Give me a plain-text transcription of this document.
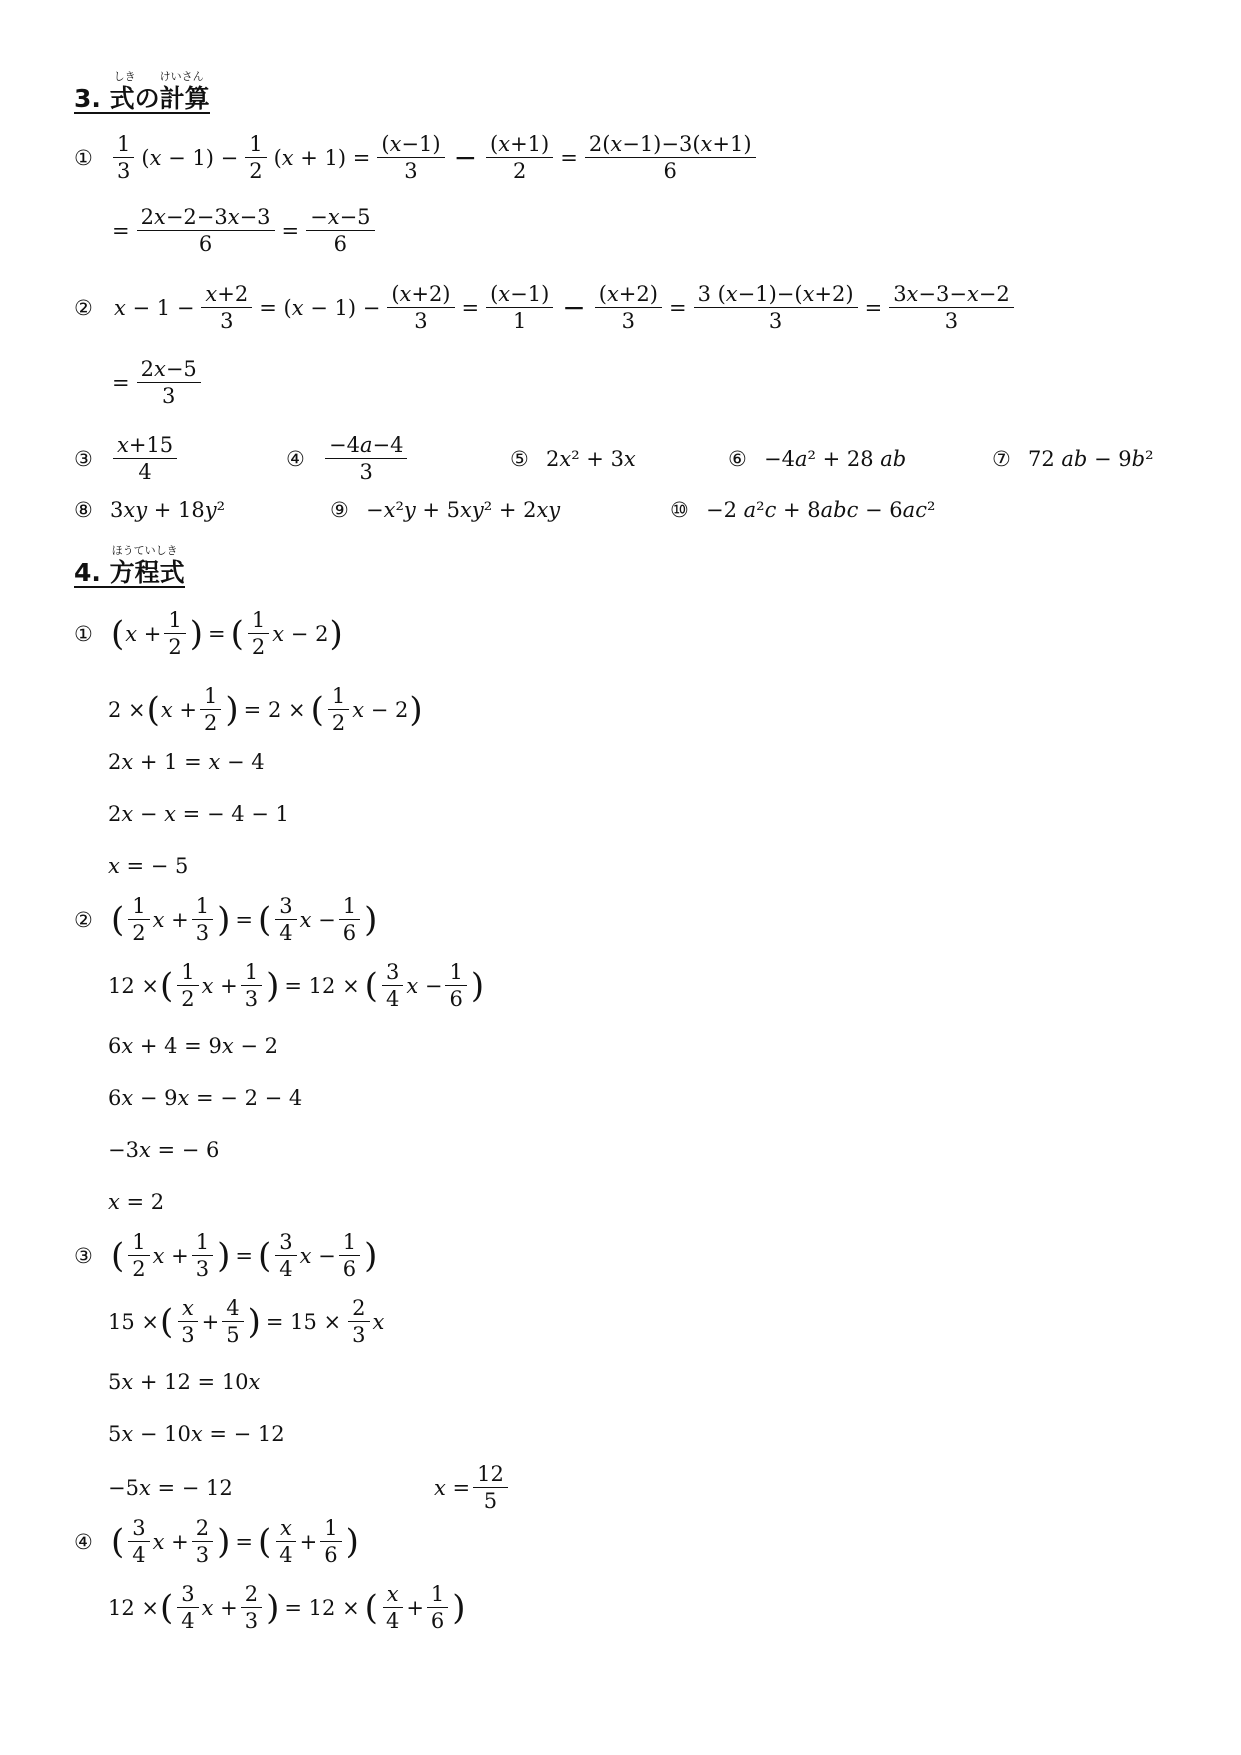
3.
しき けいさん
式の計算
① $\frac{1}{3}$ (𝑥 − $1) - \frac{1}{2}$ (𝑥 + $1) = \frac{\text{(𝑥−1)}}{3} - \frac{\text{(𝑥+1)}}{2} = \frac{\text{2(𝑥−1)−3(𝑥+1)}}{6}$
= $\frac{\text{2𝑥−2−3𝑥−3}}{6} = \frac{\text{−𝑥−5}}{6}$
② 𝑥 − $1 - \frac{\text{𝑥+2}}{3}$ = (𝑥 − $1) - \frac{\text{(𝑥+2)}}{3} = \frac{\text{(𝑥−1)}}{1} - \frac{\text{(𝑥+2)}}{3} = \frac{\text{3 (𝑥−1)−(𝑥+2)}}{3} = \frac{\text{3𝑥−3−𝑥−2}}{3}$
= $\frac{\text{2𝑥−5}}{3}$
③ $\frac{\text{𝑥+15}}{4}$	④ $\frac{\text{−4𝑎−4}}{3}$	⑤ 2𝑥² + 3𝑥	⑥ −4𝑎² + 28 𝑎𝑏	⑦ 72 𝑎𝑏 − 9𝑏²
⑧ 3𝑥𝑦 + 18𝑦²	⑨ −𝑥²𝑦 + 5𝑥𝑦² + 2𝑥𝑦	⑩ −2 𝑎²𝑐 + 8𝑎𝑏𝑐 − 6𝑎𝑐²
4.
ほうていしき
方程式
① ( 𝑥 + $\frac{1}{2}$ ) = ( $\frac{1}{2}$ 𝑥 − 2 )
2 × ( 𝑥 + $\frac{1}{2}$ ) = 2 × ( $\frac{1}{2}$ 𝑥 − 2 )
2𝑥 + 1 = 𝑥 − 4
2𝑥 − 𝑥 = − 4 − 1
𝑥 = − 5
② ( $\frac{1}{2}$ 𝑥 + $\frac{1}{3}$ ) = ( $\frac{3}{4}$ 𝑥 − $\frac{1}{6}$ )
12 × ( $\frac{1}{2}$ 𝑥 + $\frac{1}{3}$ ) = 12 × ( $\frac{3}{4}$ 𝑥 − $\frac{1}{6}$ )
6𝑥 + 4 = 9𝑥 − 2
6𝑥 − 9𝑥 = − 2 − 4
−3𝑥 = − 6
𝑥 = 2
③ ( $\frac{1}{2}$ 𝑥 + $\frac{1}{3}$ ) = ( $\frac{3}{4}$ 𝑥 − $\frac{1}{6}$ )
15 × ( $\frac{\text{𝑥}}{3} + \frac{4}{5}$ ) = $15 \times \frac{2}{3}$ 𝑥
5𝑥 + 12 = 10𝑥
5𝑥 − 10𝑥 = − 12
−5𝑥 = − 12	𝑥 = $\frac{12}{5}$
④ ( $\frac{3}{4}$ 𝑥 + $\frac{2}{3}$ ) = ( $\frac{\text{𝑥}}{4} + \frac{1}{6}$ )
12 × ( $\frac{3}{4}$ 𝑥 + $\frac{2}{3}$ ) = 12 × ( $\frac{\text{𝑥}}{4} + \frac{1}{6}$ )
